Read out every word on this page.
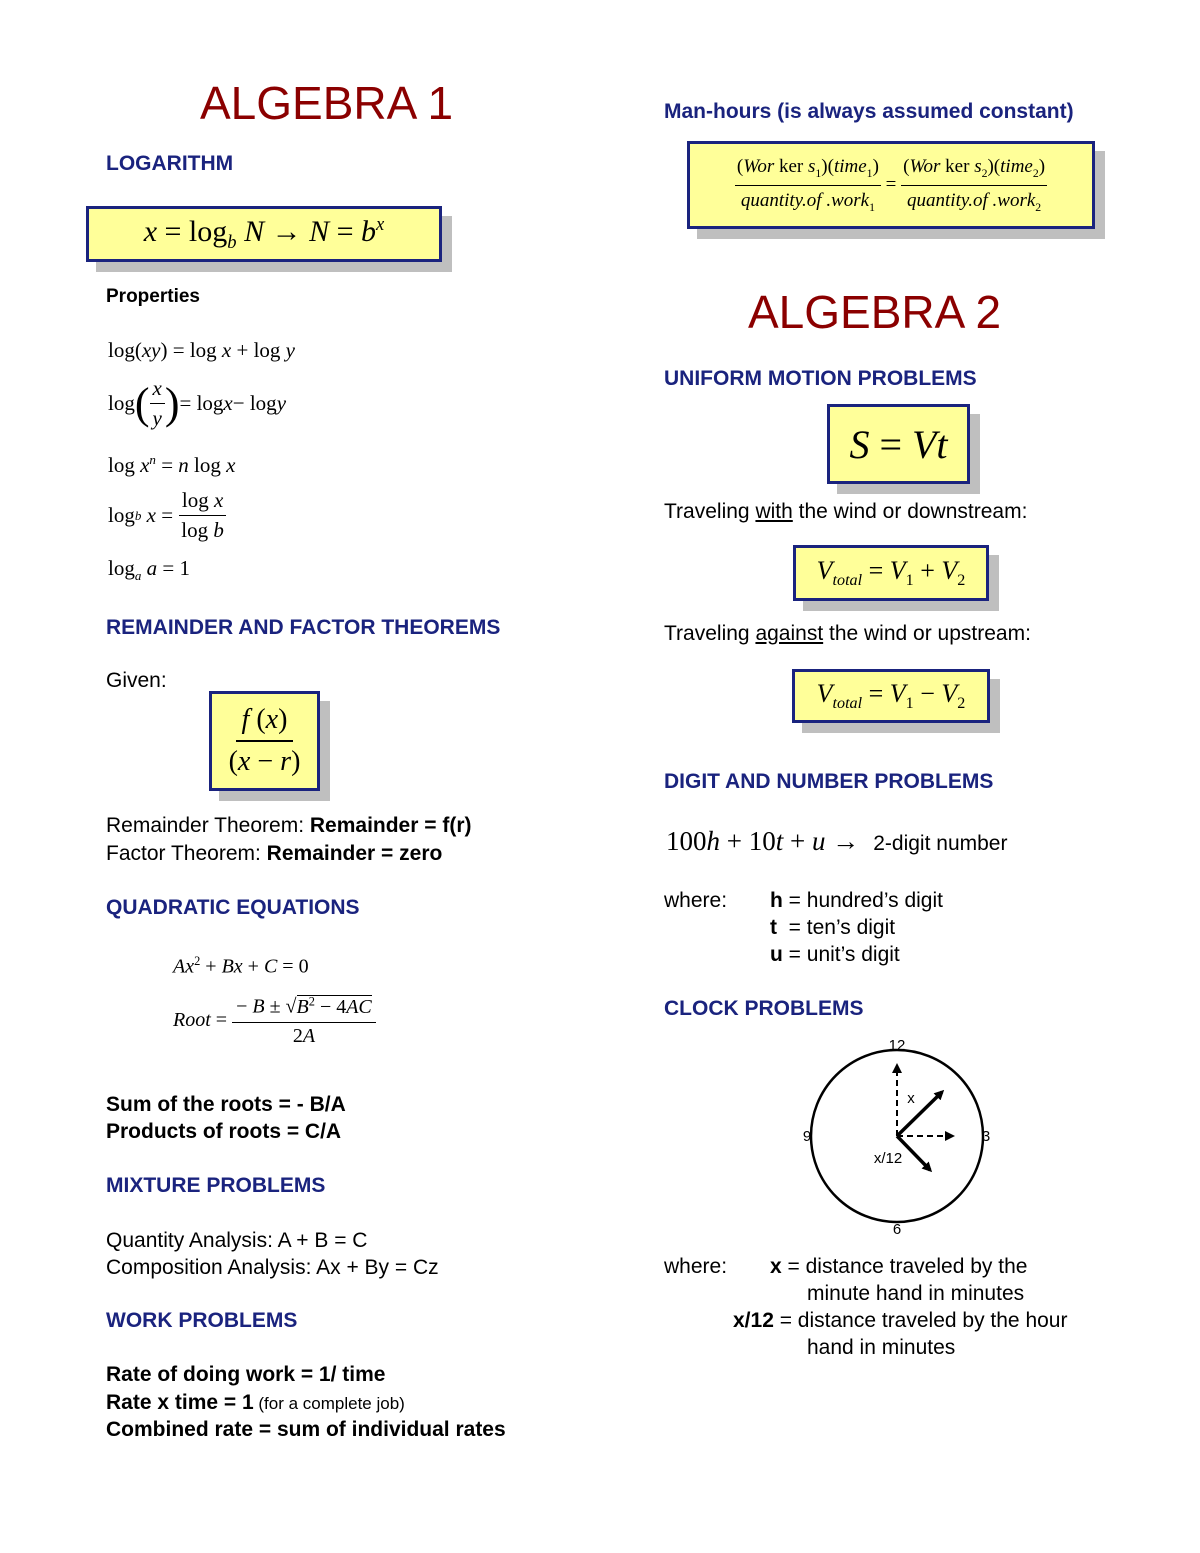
ALGEBRA 1
LOGARITHM
$x = \log_b N \to N = b^x$
Properties
log(xy) = log x + log y
log ( $\frac{x}{y}$ ) = log x − log y
$\log x^n = n$ log x
log b
$x = \frac{\text{log x}}{\text{log b}}$
$\log_a a = 1$
REMAINDER AND FACTOR THEOREMS
Given:
$\frac{f (x)}{(x - r)}$
Remainder Theorem: Remainder = f(r)
Factor Theorem: Remainder = zero
QUADRATIC EQUATIONS
$Ax^2 + Bx + C = 0$
Root = $\frac{- B \pm √B^2 - 4AC}{2A}$
Sum of the roots = - B/A
Products of roots = C/A
MIXTURE PROBLEMS
Quantity Analysis: A + B = C
Composition Analysis: Ax + By = Cz
WORK PROBLEMS
Rate of doing work = 1/ time
Rate x time = 1 (for a complete job)
Combined rate = sum of individual rates
Man-hours (is always assumed constant)
$\frac{(Wor ker s_1)(time_1)}{quantity.of .work_1} = \frac{(Wor ker s_2)(time_2)}{quantity.of .work_2}$
ALGEBRA 2
UNIFORM MOTION PROBLEMS
S = Vt
Traveling with the wind or downstream:
$V_{total} = V_1 + V_2$
Traveling against the wind or upstream:
$V_{total} = V_1 - V_2$
DIGIT AND NUMBER PROBLEMS
100h + 10t + u → 2-digit number
where: h = hundred’s digit
t  = ten’s digit
u = unit’s digit
CLOCK PROBLEMS
12
3
6
9
x
x/12
where: x = distance traveled by the
minute hand in minutes
x/12 = distance traveled by the hour
hand in minutes
